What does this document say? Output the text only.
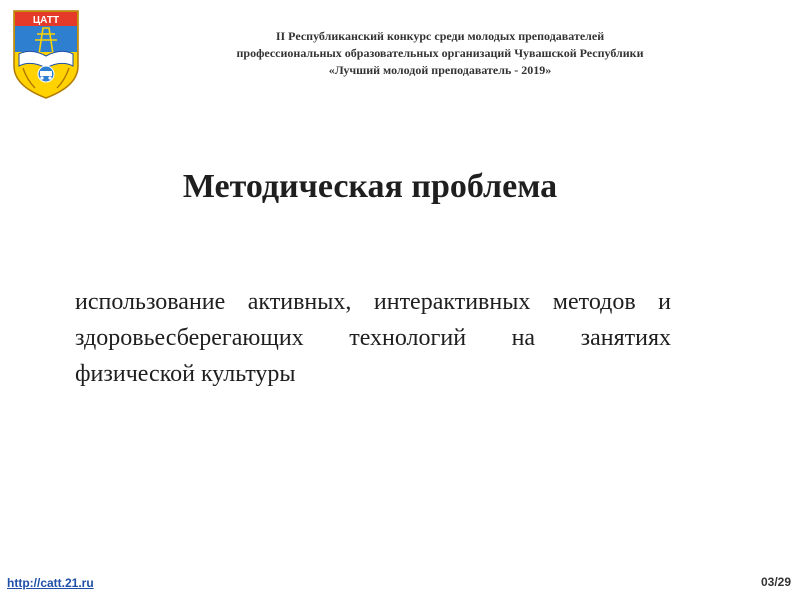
ЦАТТ
II Республиканский конкурс среди молодых преподавателей
профессиональных образовательных организаций Чувашской Республики
«Лучший молодой преподаватель - 2019»
Методическая проблема
использование активных, интерактивных методов и здоровьесберегающих технологий на занятиях физической культуры
http://catt.21.ru	03/29
